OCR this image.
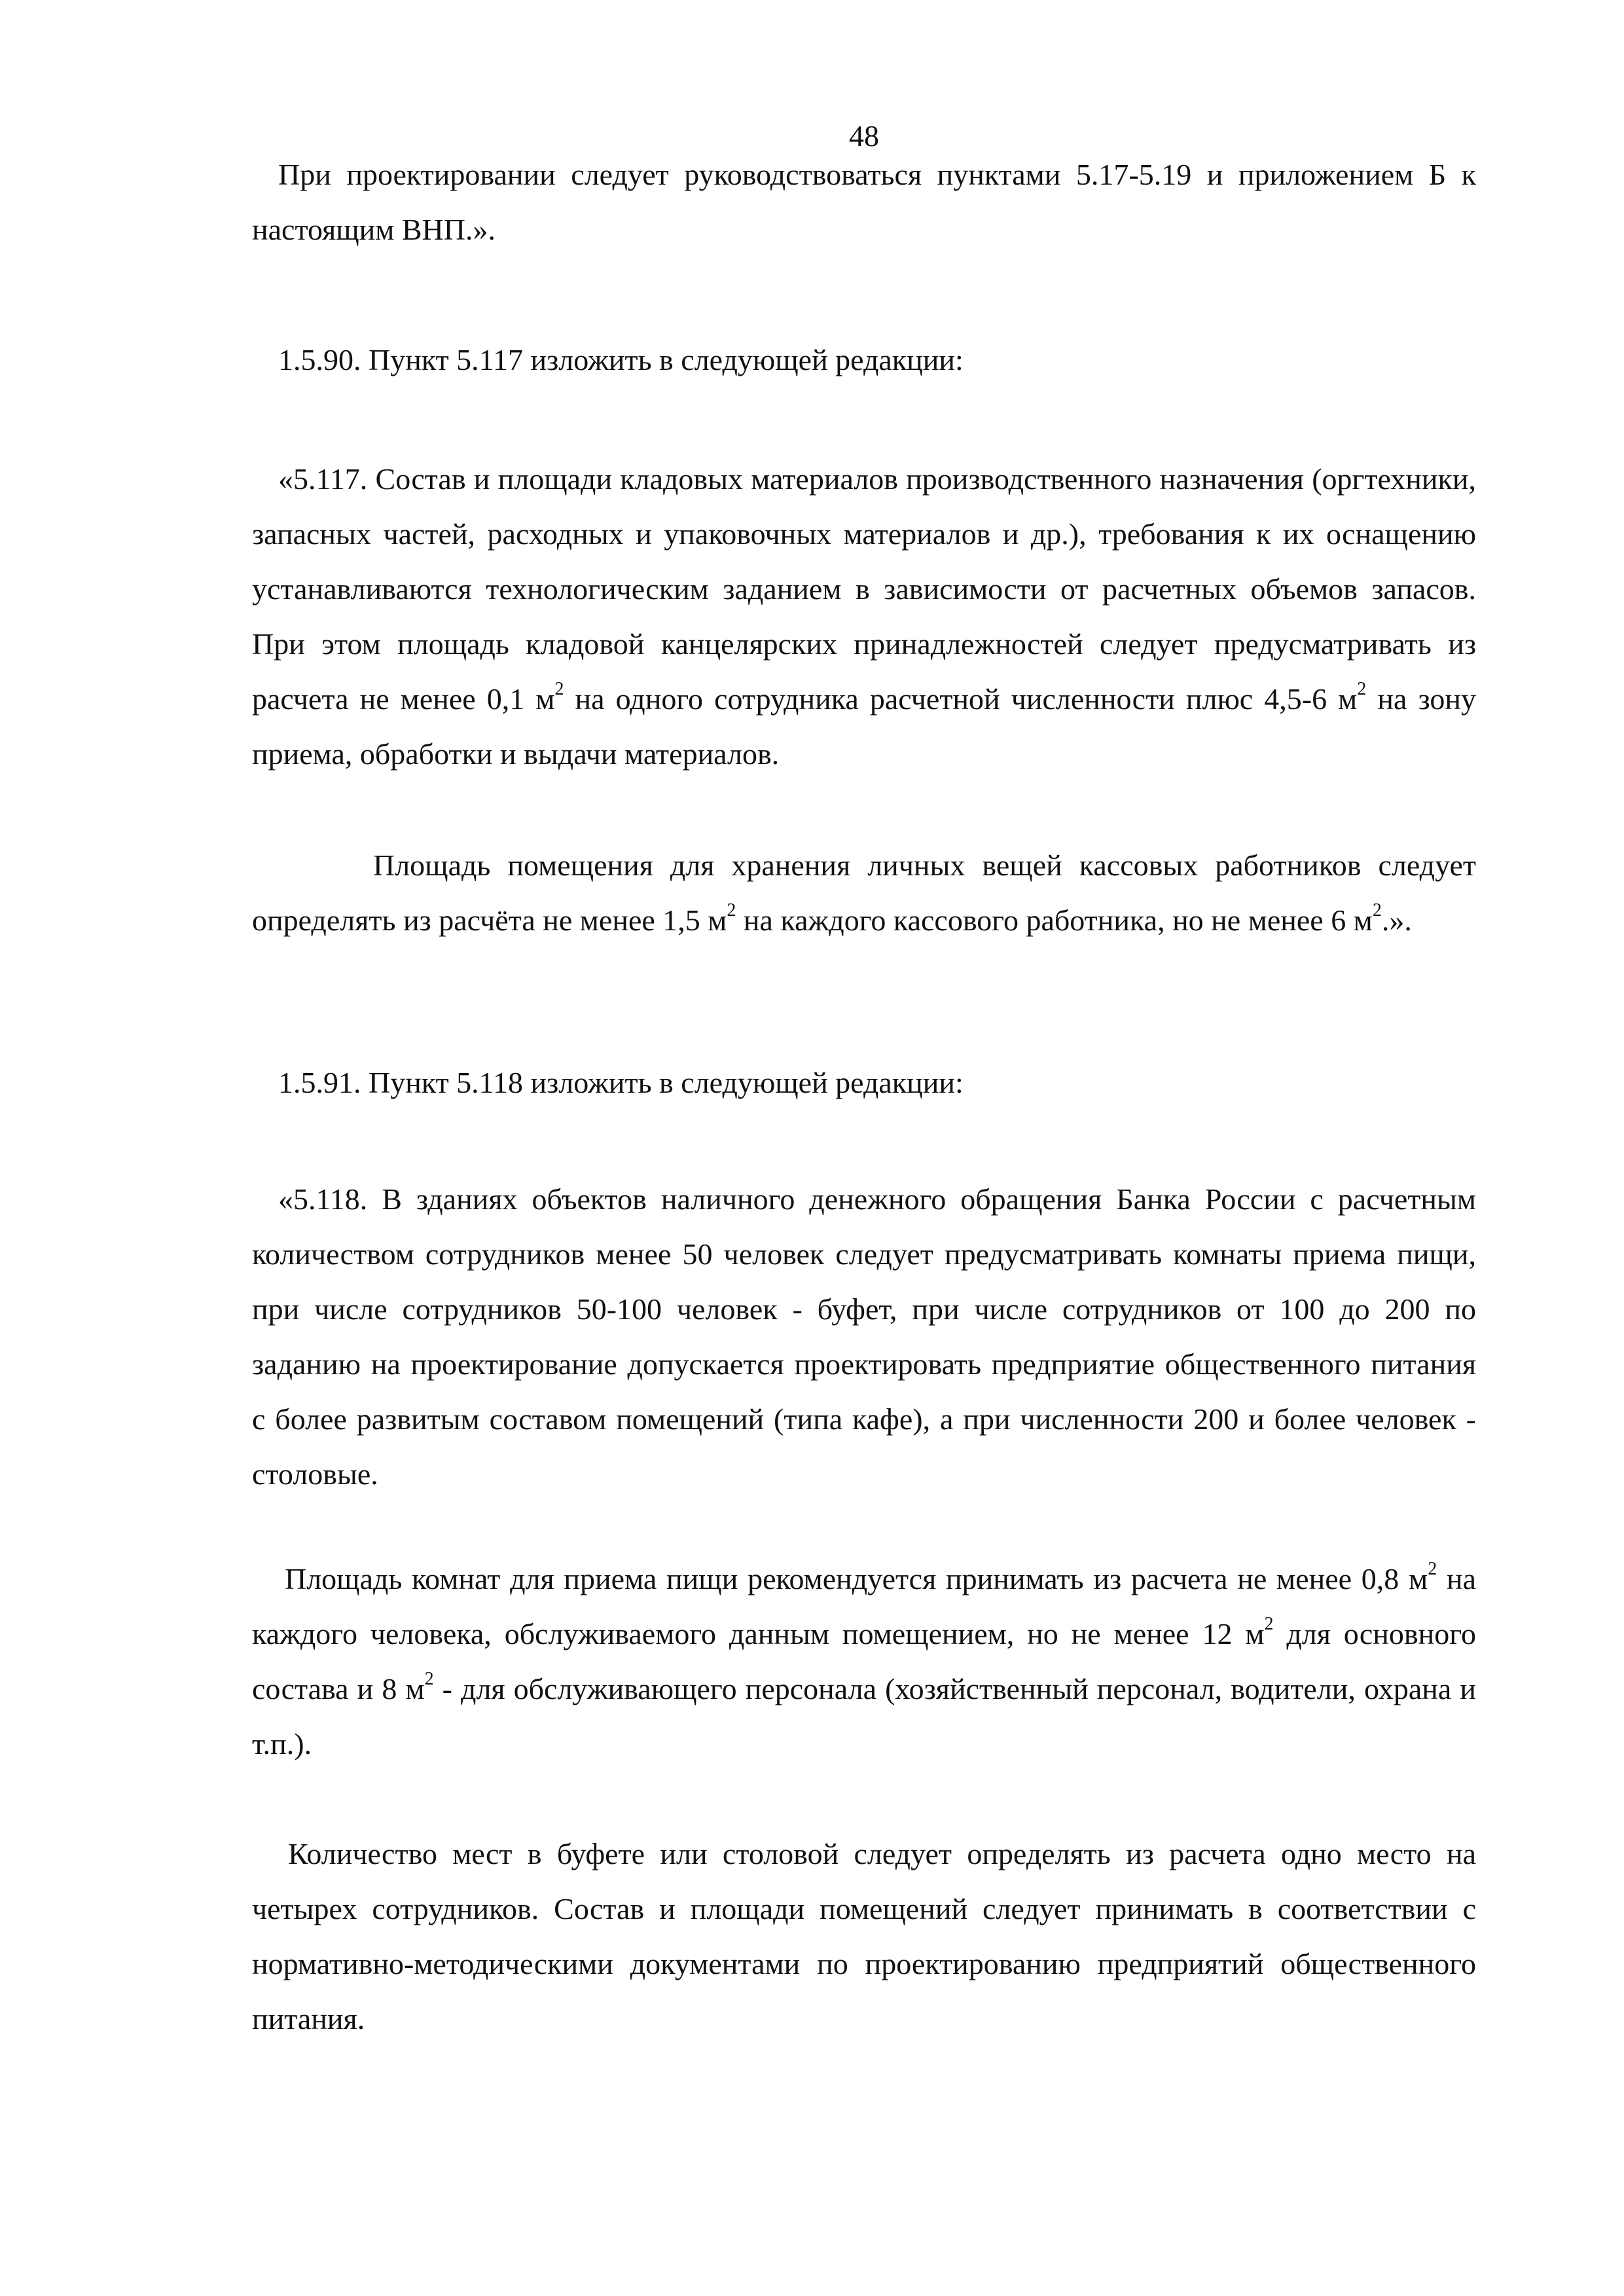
48

При проектировании следует руководствоваться пунктами 5.17-5.19 и приложением Б к настоящим ВНП.».

1.5.90. Пункт 5.117 изложить в следующей редакции:

«5.117. Состав и площади кладовых материалов производственного назначения (оргтехники, запасных частей, расходных и упаковочных материалов и др.), требования к их оснащению устанавливаются технологическим заданием в зависимости от расчетных объемов запасов. При этом площадь кладовой канцелярских принадлежностей следует предусматривать из расчета не менее 0,1 $м^2$ на одного сотрудника расчетной численности плюс 4,5-6 $м^2$ на зону приема, обработки и выдачи материалов.

Площадь помещения для хранения личных вещей кассовых работников следует определять из расчёта не менее 1,5 $м^2$ на каждого кассового работника, но не менее 6 $м^2$.».

1.5.91. Пункт 5.118 изложить в следующей редакции:

«5.118. В зданиях объектов наличного денежного обращения Банка России с расчетным количеством сотрудников менее 50 человек следует предусматривать комнаты приема пищи, при числе сотрудников 50-100 человек - буфет, при числе сотрудников от 100 до 200 по заданию на проектирование допускается проектировать предприятие общественного питания с более развитым составом помещений (типа кафе), а при численности 200 и более человек - столовые.

Площадь комнат для приема пищи рекомендуется принимать из расчета не менее 0,8 $м^2$ на каждого человека, обслуживаемого данным помещением, но не менее 12 $м^2$ для основного состава и 8 $м^2$ - для обслуживающего персонала (хозяйственный персонал, водители, охрана и т.п.).

Количество мест в буфете или столовой следует определять из расчета одно место на четырех сотрудников. Состав и площади помещений следует принимать в соответствии с нормативно-методическими документами по проектированию предприятий общественного питания.
